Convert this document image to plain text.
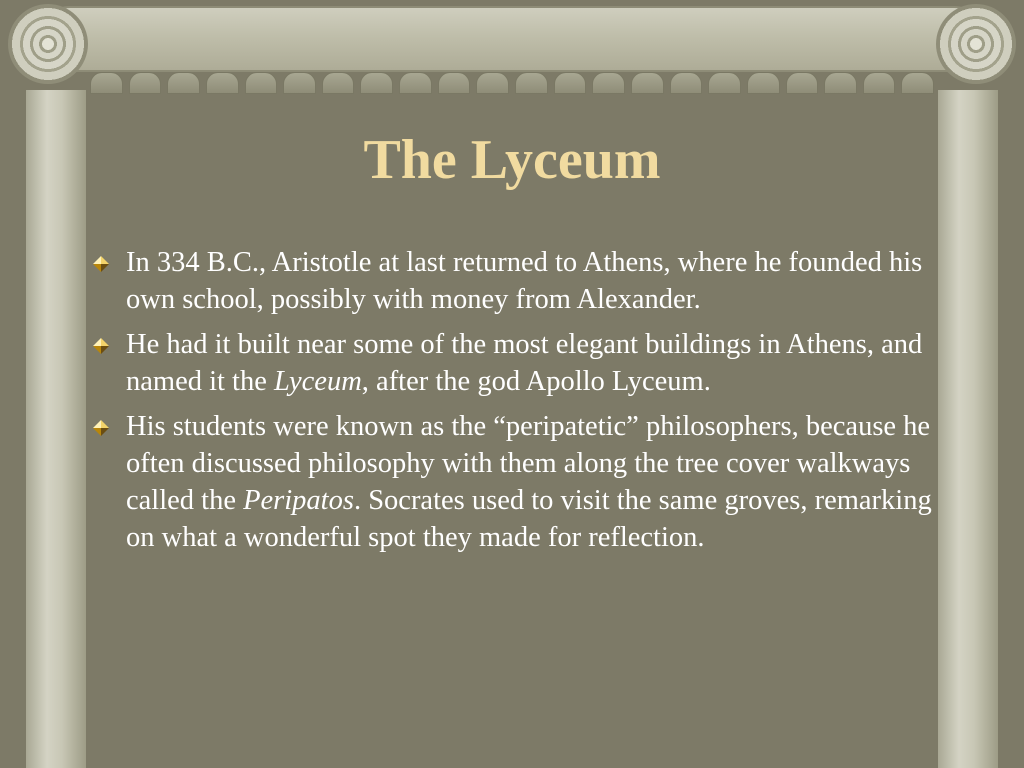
The Lyceum
In 334 B.C., Aristotle at last returned to Athens, where he founded his own school, possibly with money from Alexander.
He had it built near some of the most elegant buildings in Athens, and named it the Lyceum, after the god Apollo Lyceum.
His students were known as the “peripatetic” philosophers, because he often discussed philosophy with them along the tree cover walkways called the Peripatos. Socrates used to visit the same groves, remarking on what a wonderful spot they made for reflection.
